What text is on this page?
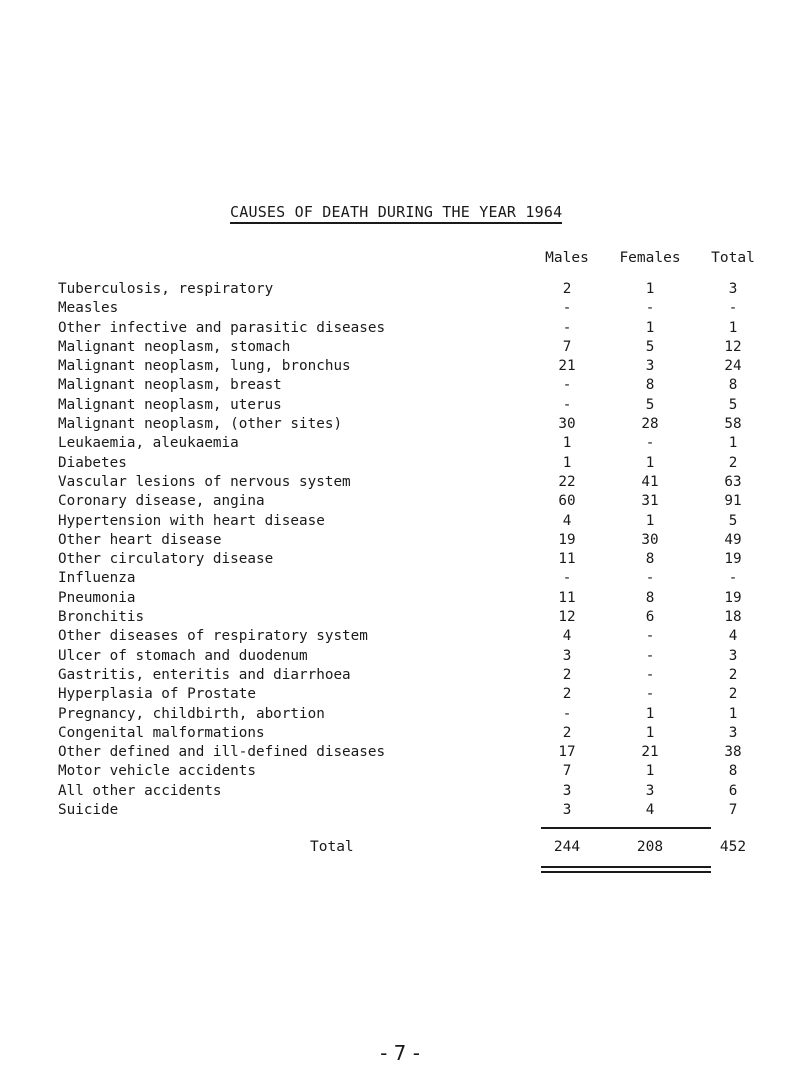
CAUSES OF DEATH DURING THE YEAR 1964
Males	Females	Total
Tuberculosis, respiratory	2	1	3
Measles	-	-	-
Other infective and parasitic diseases	-	1	1
Malignant neoplasm, stomach	7	5	12
Malignant neoplasm, lung, bronchus	21	3	24
Malignant neoplasm, breast	-	8	8
Malignant neoplasm, uterus	-	5	5
Malignant neoplasm, (other sites)	30	28	58
Leukaemia, aleukaemia	1	-	1
Diabetes	1	1	2
Vascular lesions of nervous system	22	41	63
Coronary disease, angina	60	31	91
Hypertension with heart disease	4	1	5
Other heart disease	19	30	49
Other circulatory disease	11	8	19
Influenza	-	-	-
Pneumonia	11	8	19
Bronchitis	12	6	18
Other diseases of respiratory system	4	-	4
Ulcer of stomach and duodenum	3	-	3
Gastritis, enteritis and diarrhoea	2	-	2
Hyperplasia of Prostate	2	-	2
Pregnancy, childbirth, abortion	-	1	1
Congenital malformations	2	1	3
Other defined and ill-defined diseases	17	21	38
Motor vehicle accidents	7	1	8
All other accidents	3	3	6
Suicide	3	4	7
Total	244	208	452
- 7 -
